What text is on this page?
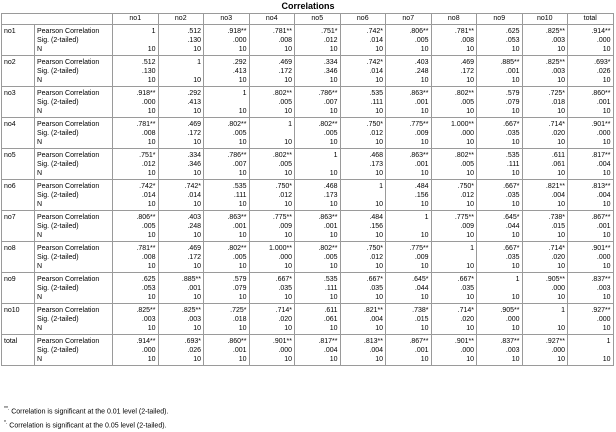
Correlations
		no1	no2	no3	no4	no5	no6	no7	no8	no9	no10	total
no1	Pearson Correlation	1	.512	.918**	.781**	.751*	.742*	.806**	.781**	.625	.825**	.914**
	Sig. (2-tailed)		.130	.000	.008	.012	.014	.005	.008	.053	.003	.000
	N	10	10	10	10	10	10	10	10	10	10	10
no2	Pearson Correlation	.512	1	.292	.469	.334	.742*	.403	.469	.885**	.825**	.693*
	Sig. (2-tailed)	.130		.413	.172	.346	.014	.248	.172	.001	.003	.026
	N	10	10	10	10	10	10	10	10	10	10	10
no3	Pearson Correlation	.918**	.292	1	.802**	.786**	.535	.863**	.802**	.579	.725*	.860**
	Sig. (2-tailed)	.000	.413		.005	.007	.111	.001	.005	.079	.018	.001
	N	10	10	10	10	10	10	10	10	10	10	10
no4	Pearson Correlation	.781**	.469	.802**	1	.802**	.750*	.775**	1.000**	.667*	.714*	.901**
	Sig. (2-tailed)	.008	.172	.005		.005	.012	.009	.000	.035	.020	.000
	N	10	10	10	10	10	10	10	10	10	10	10
no5	Pearson Correlation	.751*	.334	.786**	.802**	1	.468	.863**	.802**	.535	.611	.817**
	Sig. (2-tailed)	.012	.346	.007	.005		.173	.001	.005	.111	.061	.004
	N	10	10	10	10	10	10	10	10	10	10	10
no6	Pearson Correlation	.742*	.742*	.535	.750*	.468	1	.484	.750*	.667*	.821**	.813**
	Sig. (2-tailed)	.014	.014	.111	.012	.173		.156	.012	.035	.004	.004
	N	10	10	10	10	10	10	10	10	10	10	10
no7	Pearson Correlation	.806**	.403	.863**	.775**	.863**	.484	1	.775**	.645*	.738*	.867**
	Sig. (2-tailed)	.005	.248	.001	.009	.001	.156		.009	.044	.015	.001
	N	10	10	10	10	10	10	10	10	10	10	10
no8	Pearson Correlation	.781**	.469	.802**	1.000**	.802**	.750*	.775**	1	.667*	.714*	.901**
	Sig. (2-tailed)	.008	.172	.005	.000	.005	.012	.009		.035	.020	.000
	N	10	10	10	10	10	10	10	10	10	10	10
no9	Pearson Correlation	.625	.885**	.579	.667*	.535	.667*	.645*	.667*	1	.905**	.837**
	Sig. (2-tailed)	.053	.001	.079	.035	.111	.035	.044	.035		.000	.003
	N	10	10	10	10	10	10	10	10	10	10	10
no10	Pearson Correlation	.825**	.825**	.725*	.714*	.611	.821**	.738*	.714*	.905**	1	.927**
	Sig. (2-tailed)	.003	.003	.018	.020	.061	.004	.015	.020	.000		.000
	N	10	10	10	10	10	10	10	10	10	10	10
total	Pearson Correlation	.914**	.693*	.860**	.901**	.817**	.813**	.867**	.901**	.837**	.927**	1
	Sig. (2-tailed)	.000	.026	.001	.000	.004	.004	.001	.000	.003	.000	
	N	10	10	10	10	10	10	10	10	10	10	10
**. Correlation is significant at the 0.01 level (2-tailed).
*. Correlation is significant at the 0.05 level (2-tailed).
